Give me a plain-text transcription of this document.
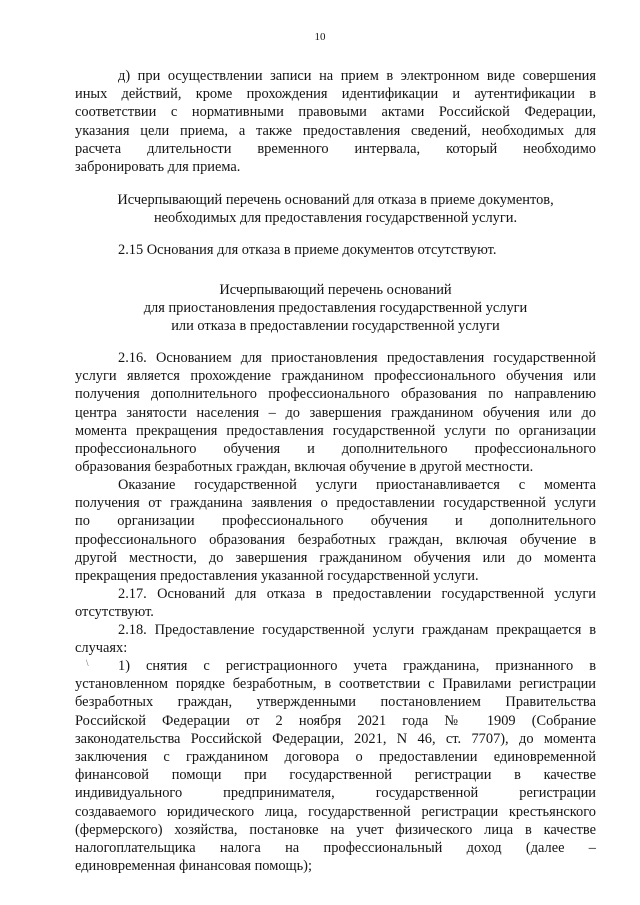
10

д) при осуществлении записи на прием в электронном виде совершения

иных действий, кроме прохождения идентификации и аутентификации в

соответствии с нормативными правовыми актами Российской Федерации,

указания цели приема, а также предоставления сведений, необходимых для

расчета длительности временного интервала, который необходимо

забронировать для приема.

Исчерпывающий перечень оснований для отказа в приеме документов,

необходимых для предоставления государственной услуги.

2.15 Основания для отказа в приеме документов отсутствуют.

Исчерпывающий перечень оснований

для приостановления предоставления государственной услуги

или отказа в предоставлении государственной услуги

2.16. Основанием для приостановления предоставления государственной

услуги является прохождение гражданином профессионального обучения или

получения дополнительного профессионального образования по направлению

центра занятости населения – до завершения гражданином обучения или до

момента прекращения предоставления государственной услуги по организации

профессионального обучения и дополнительного профессионального

образования безработных граждан, включая обучение в другой местности.

Оказание государственной услуги приостанавливается с момента

получения от гражданина заявления о предоставлении государственной услуги

по организации профессионального обучения и дополнительного

профессионального образования безработных граждан, включая обучение в

другой местности, до завершения гражданином обучения или до момента

прекращения предоставления указанной государственной услуги.

2.17. Оснований для отказа в предоставлении государственной услуги

отсутствуют.

2.18. Предоставление государственной услуги гражданам прекращается в

случаях:

\	1) снятия с регистрационного учета гражданина, признанного в

установленном порядке безработным, в соответствии с Правилами регистрации

безработных граждан, утвержденными постановлением Правительства

Российской Федерации от 2 ноября 2021 года № 1909 (Собрание

законодательства Российской Федерации, 2021, N 46, ст. 7707), до момента

заключения с гражданином договора о предоставлении единовременной

финансовой помощи при государственной регистрации в качестве

индивидуального предпринимателя, государственной регистрации

создаваемого юридического лица, государственной регистрации крестьянского

(фермерского) хозяйства, постановке на учет физического лица в качестве

налогоплательщика налога на профессиональный доход (далее –

единовременная финансовая помощь);
